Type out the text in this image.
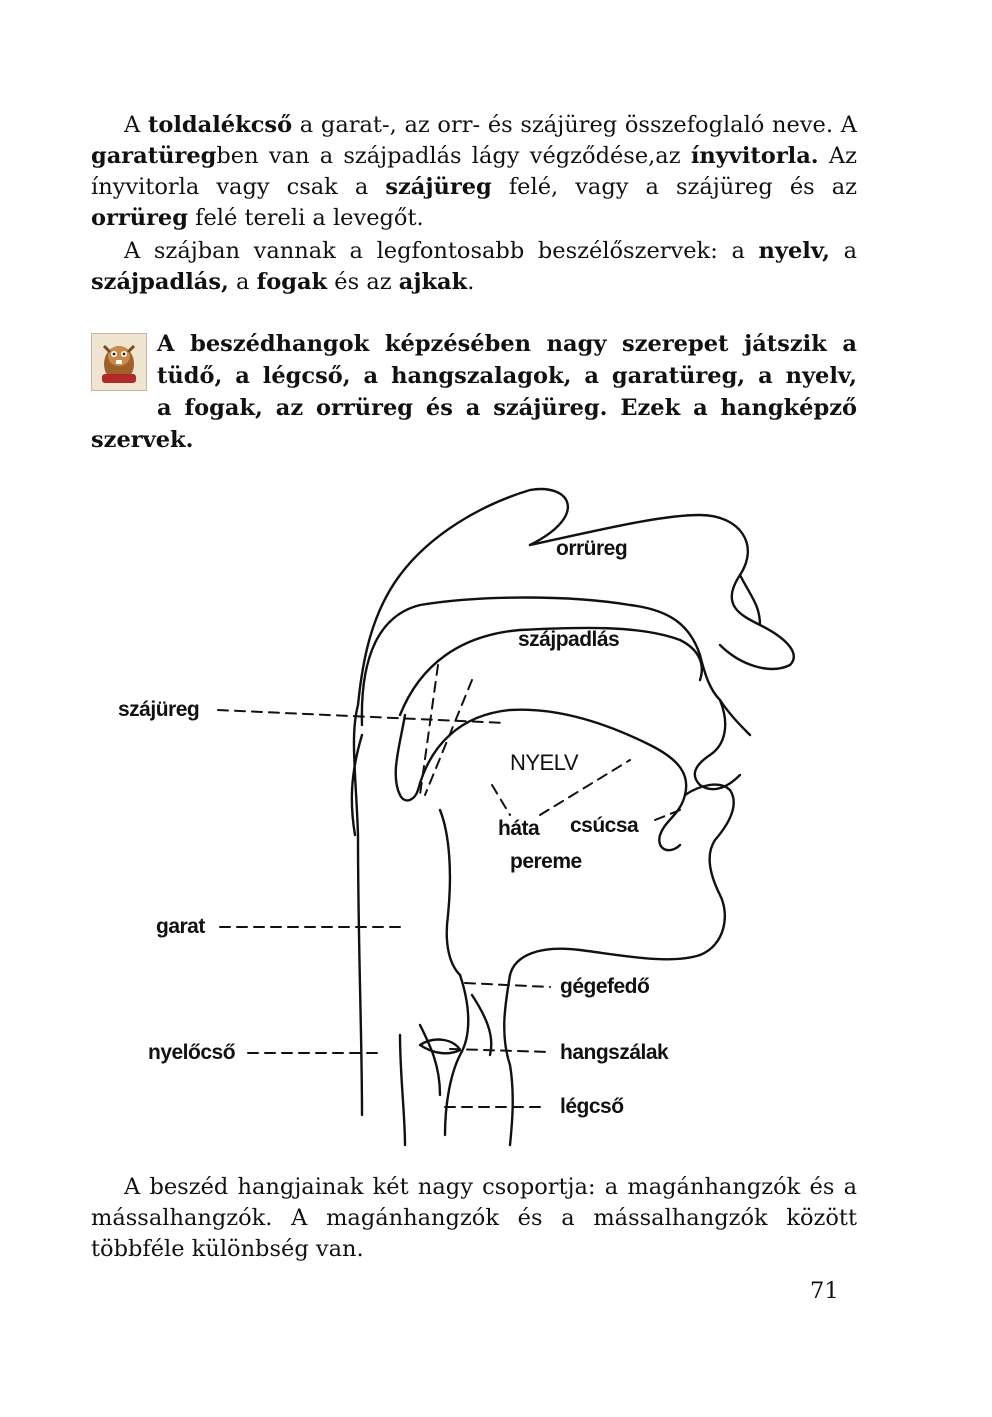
A toldalékcső a garat-, az orr- és szájüreg összefoglaló neve. A garatüregben van a szájpadlás lágy végződése,az ínyvitorla. Az ínyvitorla vagy csak a szájüreg felé, vagy a szájüreg és az orrüreg felé tereli a levegőt.

A szájban vannak a legfontosabb beszélőszervek: a nyelv, a szájpadlás, a fogak és az ajkak.

A beszédhangok képzésében nagy szerepet játszik a
tüdő, a légcső, a hangszalagok, a garatüreg, a nyelv,
a fogak, az orrüreg és a szájüreg. Ezek a hangképző
szervek.
orrüreg
szájpadlás
szájüreg
NYELV
háta csúcsa
pereme
garat
gégefedő
nyelőcső	hangszálak
légcső

A beszéd hangjainak két nagy csoportja: a magánhangzók és a mássalhangzók. A magánhangzók és a mássalhangzók között többféle különbség van.

71
